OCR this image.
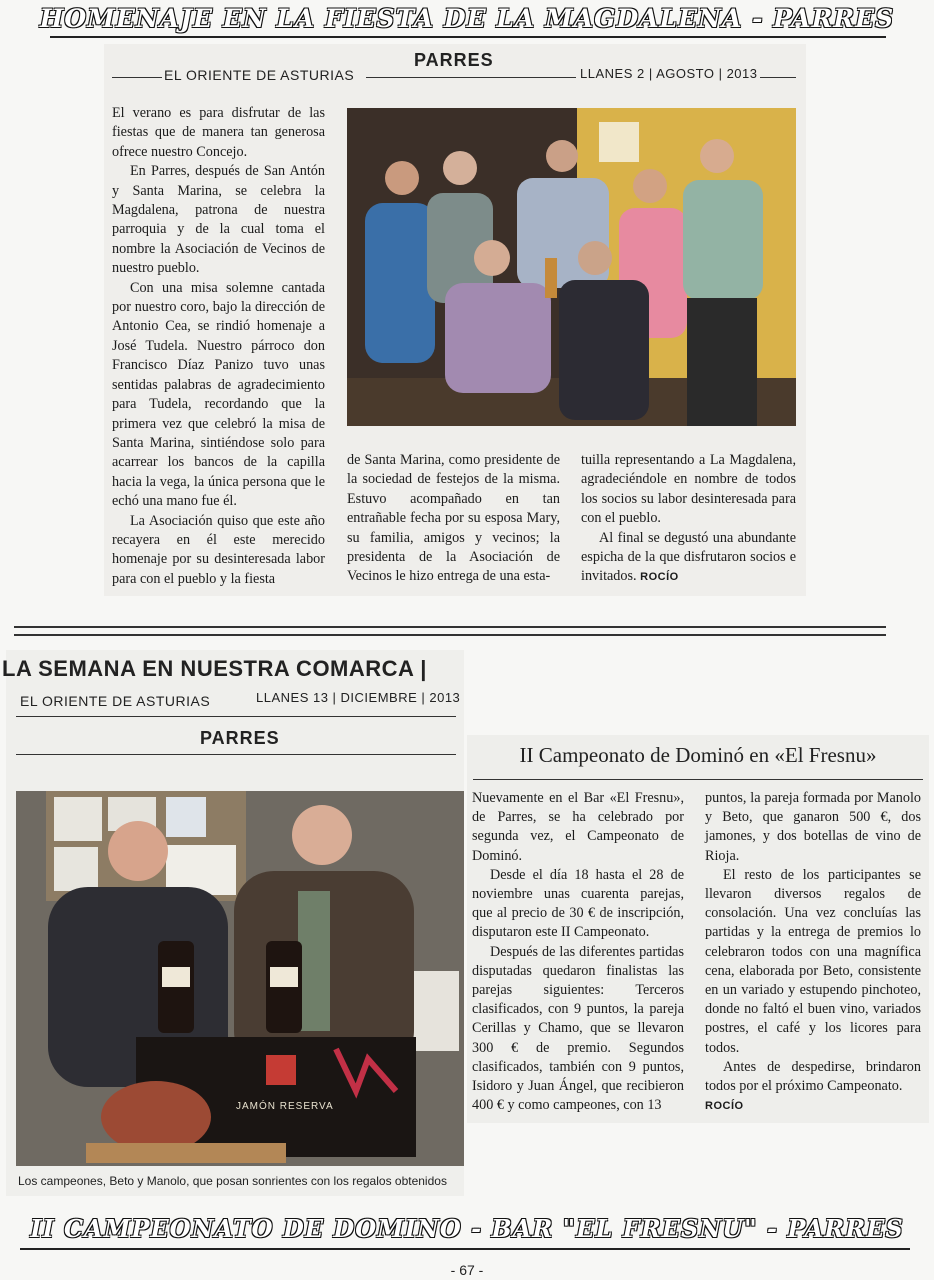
HOMENAJE EN LA FIESTA DE LA MAGDALENA - PARRES
PARRES
EL ORIENTE DE ASTURIAS	LLANES 2 | AGOSTO | 2013

El verano es para disfrutar de las fiestas que de manera tan generosa ofrece nuestro Concejo.

En Parres, después de San Antón y Santa Marina, se celebra la Magdalena, patrona de nuestra parroquia y de la cual toma el nombre la Asociación de Vecinos de nuestro pueblo.

Con una misa solemne cantada por nuestro coro, bajo la dirección de Antonio Cea, se rindió homenaje a José Tudela. Nuestro párroco don Francisco Díaz Panizo tuvo unas sentidas palabras de agradecimiento para Tudela, recordando que la primera vez que celebró la misa de Santa Marina, sintiéndose solo para acarrear los bancos de la capilla hacia la vega, la única persona que le echó una mano fue él.

La Asociación quiso que este año recayera en él este merecido homenaje por su desinteresada labor para con el pueblo y la fiesta

de Santa Marina, como presidente de la sociedad de festejos de la misma. Estuvo acompañado en tan entrañable fecha por su esposa Mary, su familia, amigos y vecinos; la presidenta de la Asociación de Vecinos le hizo entrega de una esta-

tuilla representando a La Magdalena, agradeciéndole en nombre de todos los socios su labor desinteresada para con el pueblo.

Al final se degustó una abundante espicha de la que disfrutaron socios e invitados. ROCÍO

LA SEMANA EN NUESTRA COMARCA |
EL ORIENTE DE ASTURIAS	LLANES 13 | DICIEMBRE | 2013
PARRES
JAMÓN RESERVA
Los campeones, Beto y Manolo, que posan sonrientes con los regalos obtenidos
II Campeonato de Dominó en «El Fresnu»

Nuevamente en el Bar «El Fresnu», de Parres, se ha celebrado por segunda vez, el Campeonato de Dominó.

Desde el día 18 hasta el 28 de noviembre unas cuarenta parejas, que al precio de 30 € de inscripción, disputaron este II Campeonato.

Después de las diferentes partidas disputadas quedaron finalistas las parejas siguientes: Terceros clasificados, con 9 puntos, la pareja Cerillas y Chamo, que se llevaron 300 € de premio. Segundos clasificados, también con 9 puntos, Isidoro y Juan Ángel, que recibieron 400 € y como campeones, con 13

puntos, la pareja formada por Manolo y Beto, que ganaron 500 €, dos jamones, y dos botellas de vino de Rioja.

El resto de los participantes se llevaron diversos regalos de consolación. Una vez concluías las partidas y la entrega de premios lo celebraron todos con una magnífica cena, elaborada por Beto, consistente en un variado y estupendo pinchoteo, donde no faltó el buen vino, variados postres, el café y los licores para todos.

Antes de despedirse, brindaron todos por el próximo Campeonato.

ROCÍO

II CAMPEONATO DE DOMINO - BAR "EL FRESNU" - PARRES
- 67 -
